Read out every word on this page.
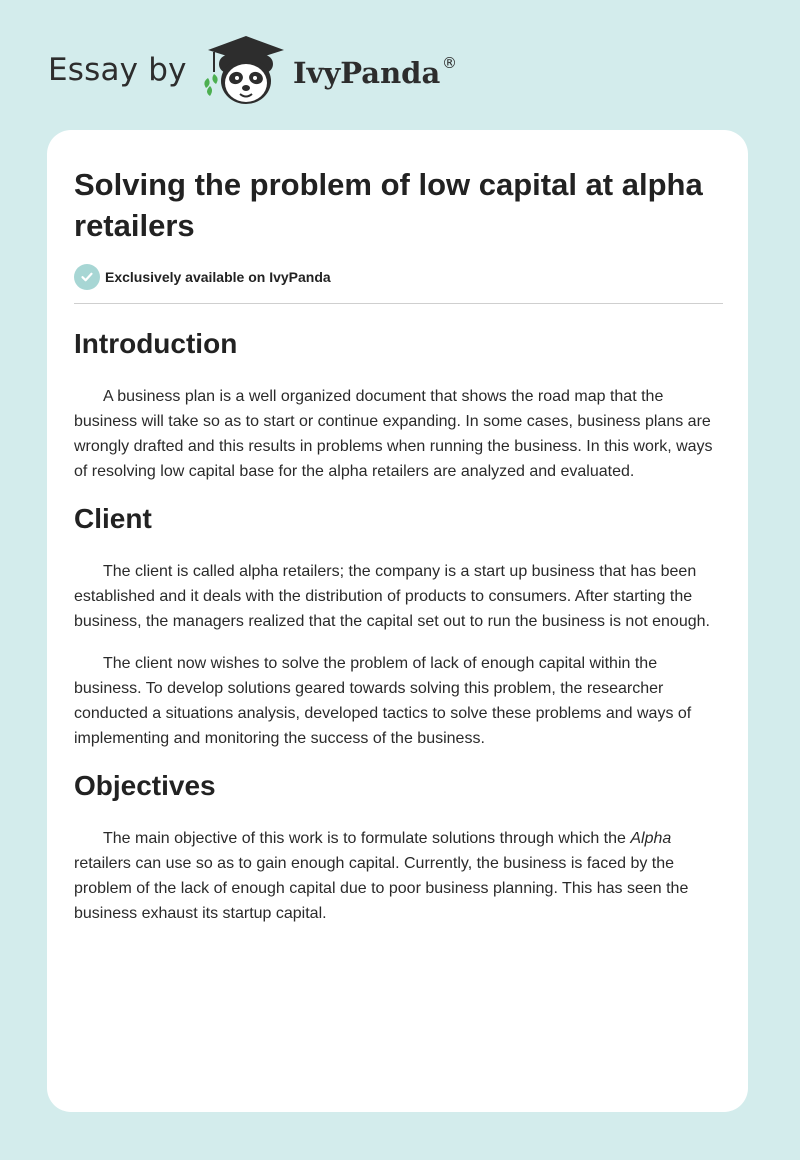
Essay by	IvyPanda ®
Solving the problem of low capital at alpha retailers
Exclusively available on IvyPanda
Introduction

A business plan is a well organized document that shows the road map that the business will take so as to start or continue expanding. In some cases, business plans are wrongly drafted and this results in problems when running the business. In this work, ways of resolving low capital base for the alpha retailers are analyzed and evaluated.

Client

The client is called alpha retailers; the company is a start up business that has been established and it deals with the distribution of products to consumers. After starting the business, the managers realized that the capital set out to run the business is not enough.

The client now wishes to solve the problem of lack of enough capital within the business. To develop solutions geared towards solving this problem, the researcher conducted a situations analysis, developed tactics to solve these problems and ways of implementing and monitoring the success of the business.

Objectives

The main objective of this work is to formulate solutions through which the Alpha retailers can use so as to gain enough capital. Currently, the business is faced by the problem of the lack of enough capital due to poor business planning. This has seen the business exhaust its startup capital.
